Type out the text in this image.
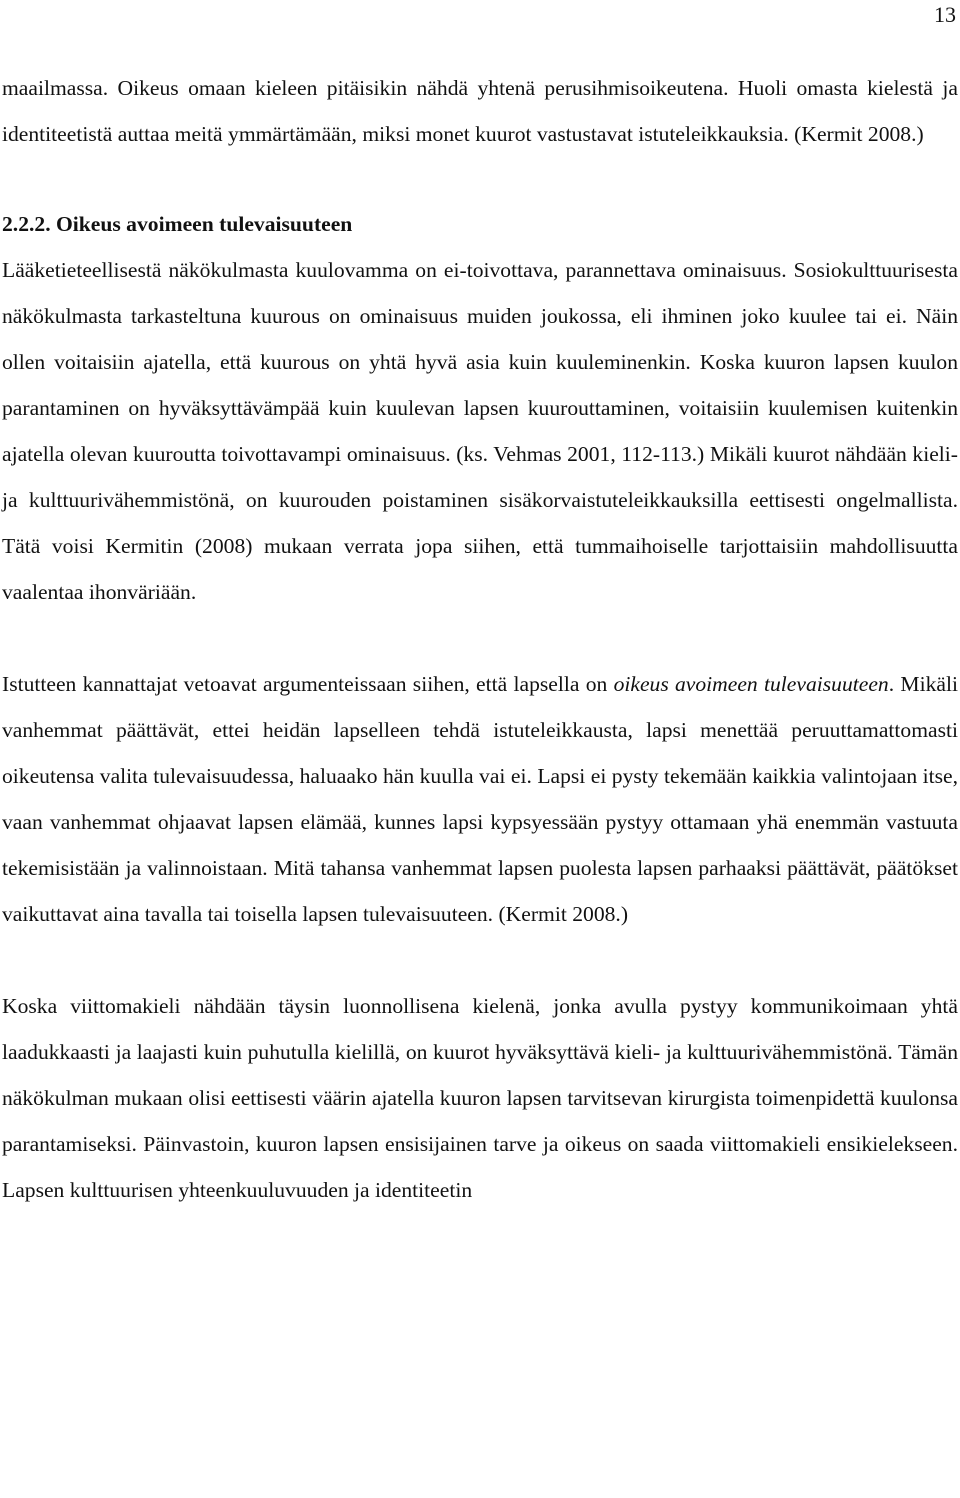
13

maailmassa. Oikeus omaan kieleen pitäisikin nähdä yhtenä perusihmisoikeutena. Huoli omasta kielestä ja identiteetistä auttaa meitä ymmärtämään, miksi monet kuurot vastustavat istuteleikkauksia. (Kermit 2008.)

2.2.2. Oikeus avoimeen tulevaisuuteen

Lääketieteellisestä näkökulmasta kuulovamma on ei-toivottava, parannettava ominaisuus. Sosiokulttuurisesta näkökulmasta tarkasteltuna kuurous on ominaisuus muiden joukossa, eli ihminen joko kuulee tai ei. Näin ollen voitaisiin ajatella, että kuurous on yhtä hyvä asia kuin kuuleminenkin. Koska kuuron lapsen kuulon parantaminen on hyväksyttävämpää kuin kuulevan lapsen kuurouttaminen, voitaisiin kuulemisen kuitenkin ajatella olevan kuuroutta toivottavampi ominaisuus. (ks. Vehmas 2001, 112-113.) Mikäli kuurot nähdään kieli- ja kulttuurivähemmistönä, on kuurouden poistaminen sisäkorvaistuteleikkauksilla eettisesti ongelmallista. Tätä voisi Kermitin (2008) mukaan verrata jopa siihen, että tummaihoiselle tarjottaisiin mahdollisuutta vaalentaa ihonväriään.

Istutteen kannattajat vetoavat argumenteissaan siihen, että lapsella on oikeus avoimeen tulevaisuuteen. Mikäli vanhemmat päättävät, ettei heidän lapselleen tehdä istuteleikkausta, lapsi menettää peruuttamattomasti oikeutensa valita tulevaisuudessa, haluaako hän kuulla vai ei. Lapsi ei pysty tekemään kaikkia valintojaan itse, vaan vanhemmat ohjaavat lapsen elämää, kunnes lapsi kypsyessään pystyy ottamaan yhä enemmän vastuuta tekemisistään ja valinnoistaan. Mitä tahansa vanhemmat lapsen puolesta lapsen parhaaksi päättävät, päätökset vaikuttavat aina tavalla tai toisella lapsen tulevaisuuteen. (Kermit 2008.)

Koska viittomakieli nähdään täysin luonnollisena kielenä, jonka avulla pystyy kommunikoimaan yhtä laadukkaasti ja laajasti kuin puhutulla kielillä, on kuurot hyväksyttävä kieli- ja kulttuurivähemmistönä. Tämän näkökulman mukaan olisi eettisesti väärin ajatella kuuron lapsen tarvitsevan kirurgista toimenpidettä kuulonsa parantamiseksi. Päinvastoin, kuuron lapsen ensisijainen tarve ja oikeus on saada viittomakieli ensikielekseen. Lapsen kulttuurisen yhteenkuuluvuuden ja identiteetin
